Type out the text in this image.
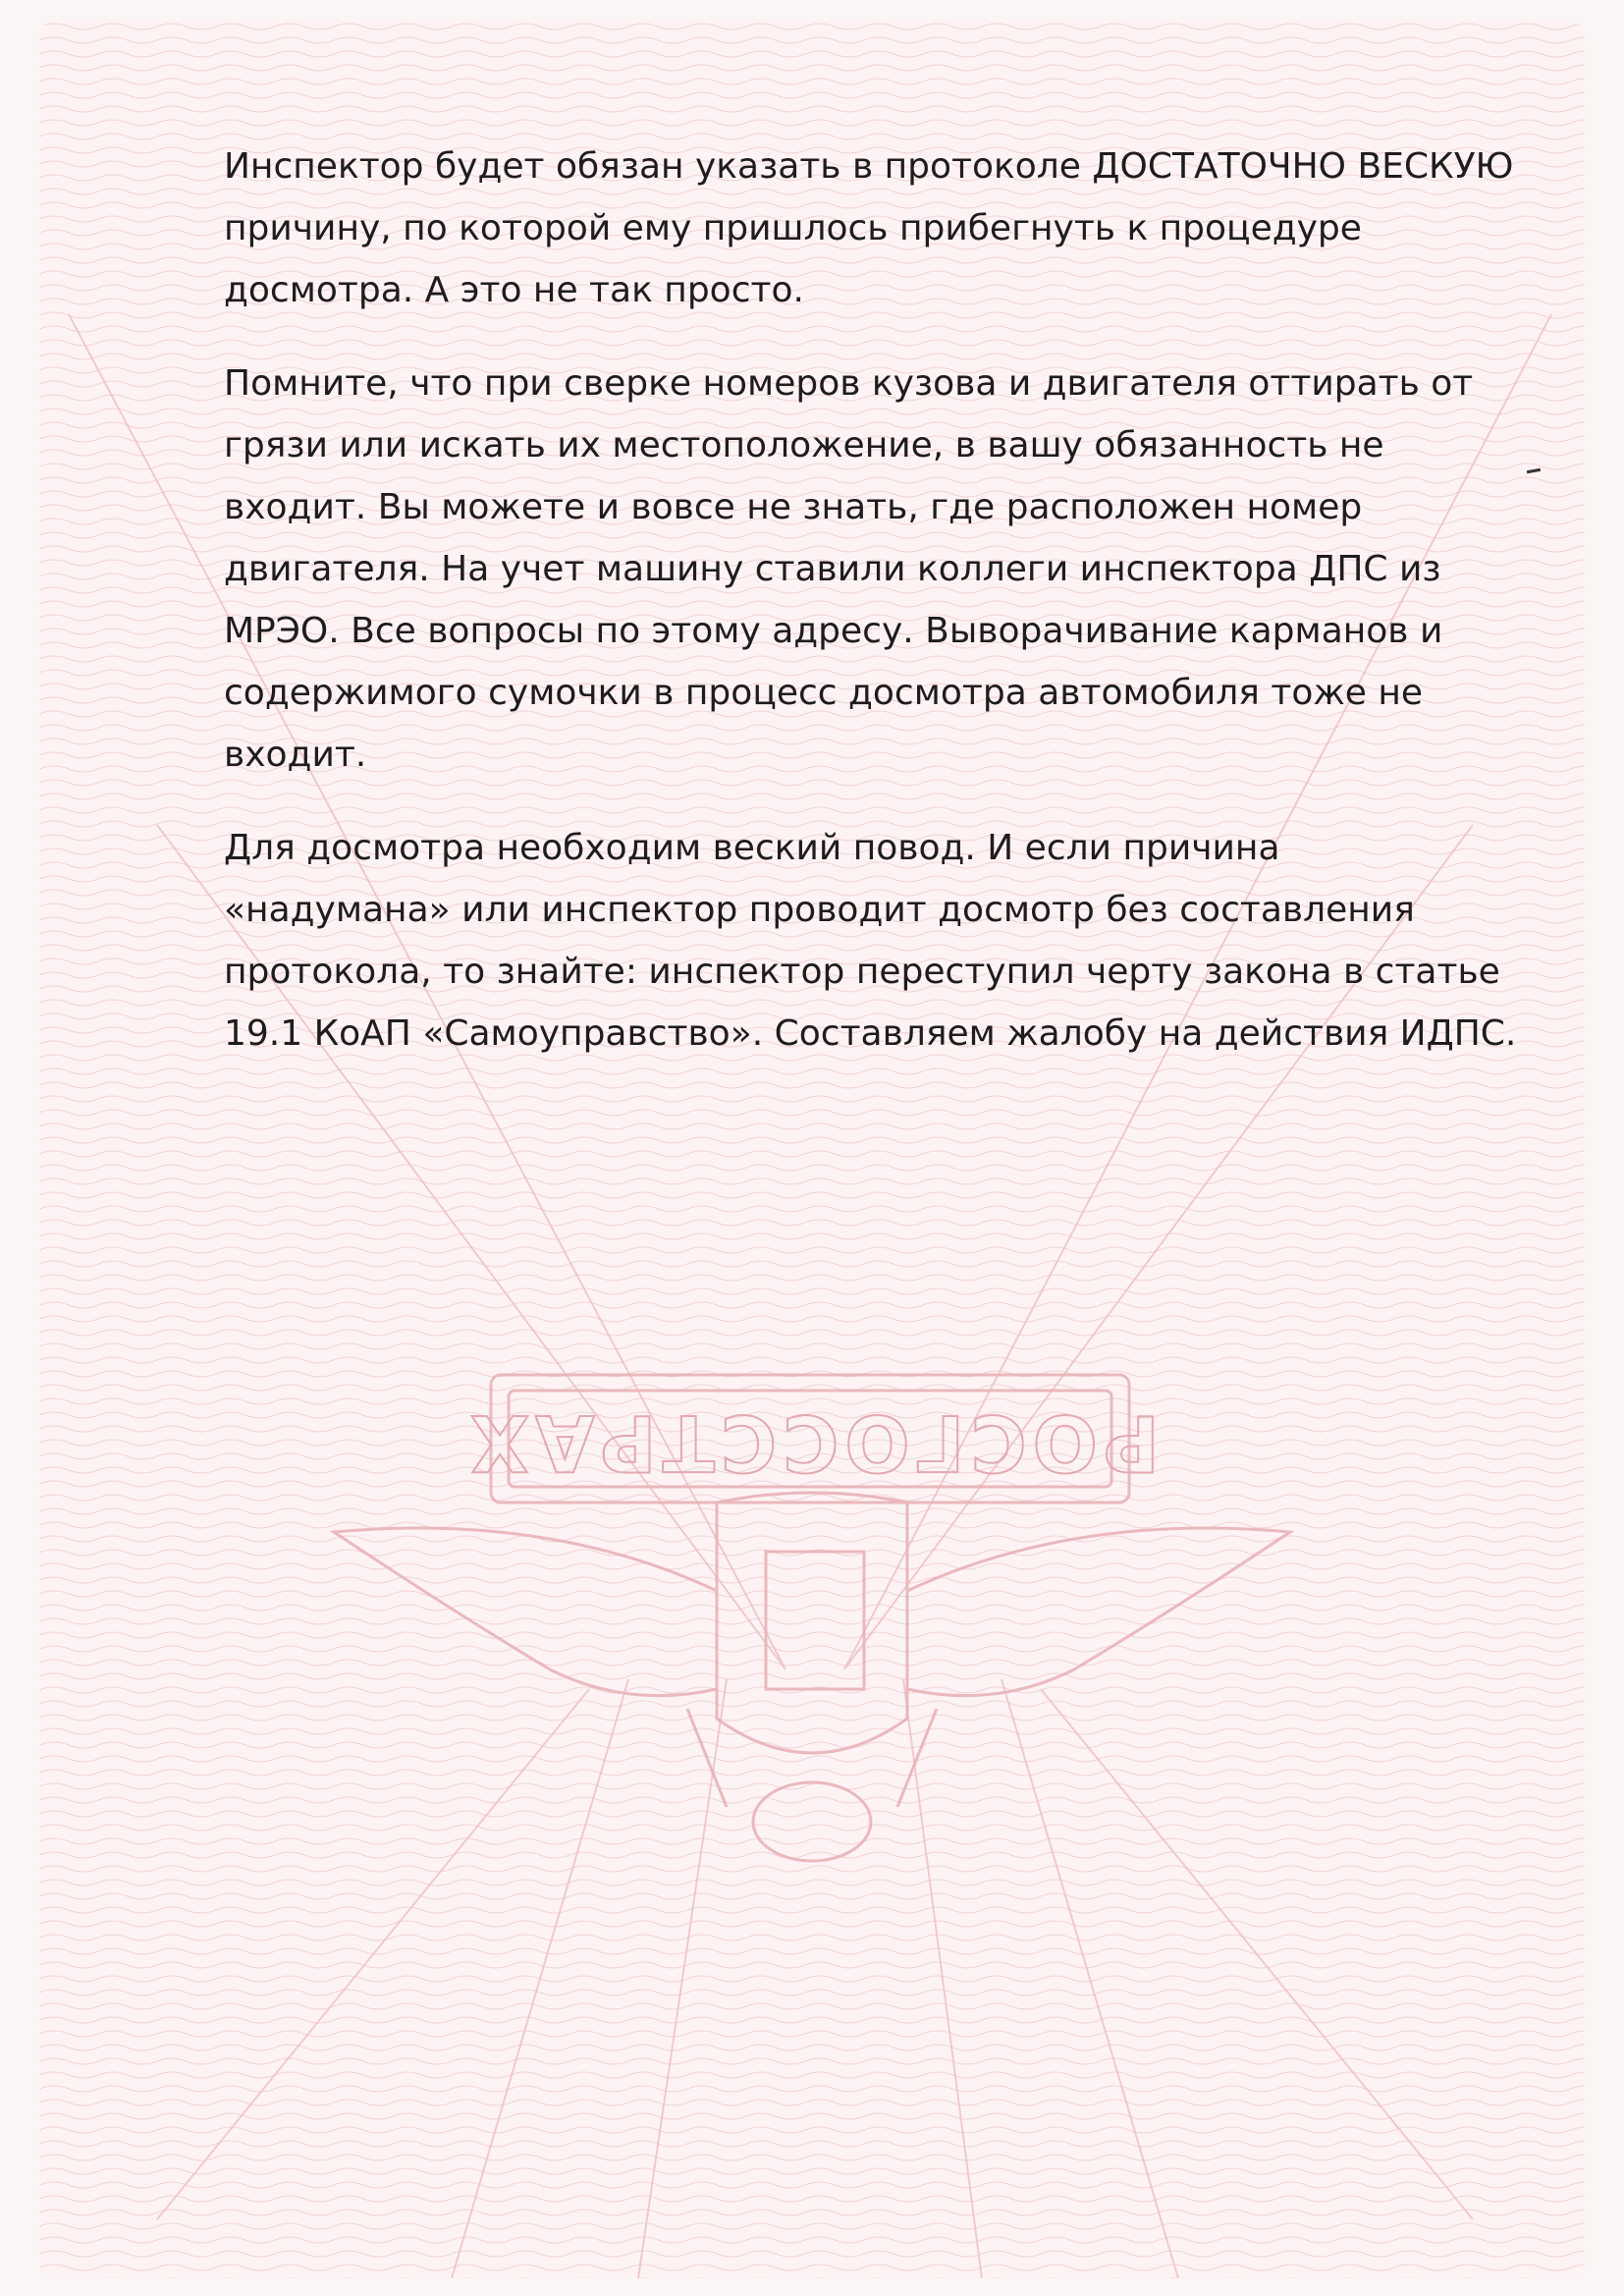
РОСГОССТРАХ

Инспектор будет обязан указать в протоколе ДОСТАТОЧНО ВЕСКУЮ
причину, по которой ему пришлось прибегнуть к процедуре
досмотра. А это не так просто.

Помните, что при сверке номеров кузова и двигателя оттирать от
грязи или искать их местоположение, в вашу обязанность не
входит. Вы можете и вовсе не знать, где расположен номер
двигателя. На учет машину ставили коллеги инспектора ДПС из
МРЭО. Все вопросы по этому адресу. Выворачивание карманов и
содержимого сумочки в процесс досмотра автомобиля тоже не
входит.

Для досмотра необходим веский повод. И если причина
«надумана» или инспектор проводит досмотр без составления
протокола, то знайте: инспектор переступил черту закона в статье
19.1 КоАП «Самоуправство». Составляем жалобу на действия ИДПС.
